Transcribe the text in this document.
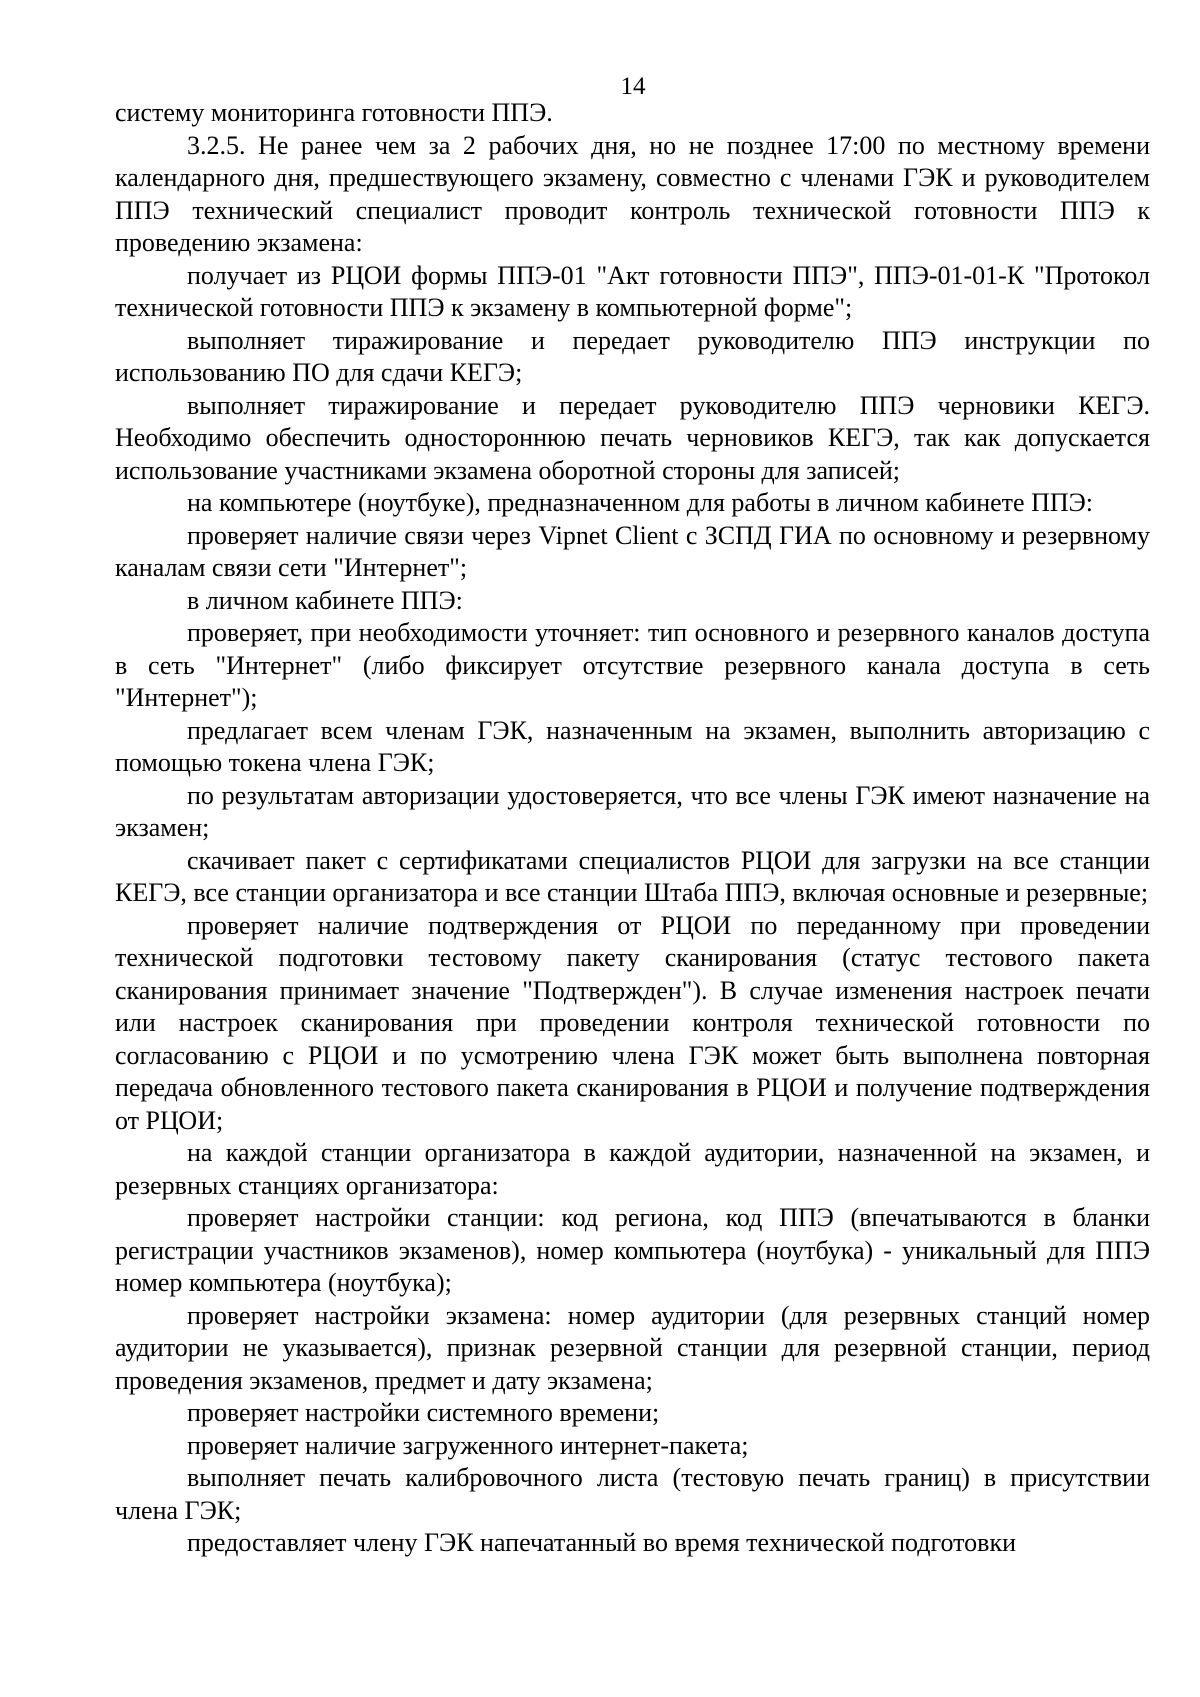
14

систему мониторинга готовности ППЭ.

3.2.5. Не ранее чем за 2 рабочих дня, но не позднее 17:00 по местному времени календарного дня, предшествующего экзамену, совместно с членами ГЭК и руководителем ППЭ технический специалист проводит контроль технической готовности ППЭ к проведению экзамена:

получает из РЦОИ формы ППЭ-01 "Акт готовности ППЭ", ППЭ-01-01-К "Протокол технической готовности ППЭ к экзамену в компьютерной форме";

выполняет тиражирование и передает руководителю ППЭ инструкции по использованию ПО для сдачи КЕГЭ;

выполняет тиражирование и передает руководителю ППЭ черновики КЕГЭ. Необходимо обеспечить одностороннюю печать черновиков КЕГЭ, так как допускается использование участниками экзамена оборотной стороны для записей;

на компьютере (ноутбуке), предназначенном для работы в личном кабинете ППЭ:

проверяет наличие связи через Vipnet Client с ЗСПД ГИА по основному и резервному каналам связи сети "Интернет";

в личном кабинете ППЭ:

проверяет, при необходимости уточняет: тип основного и резервного каналов доступа в сеть "Интернет" (либо фиксирует отсутствие резервного канала доступа в сеть "Интернет");

предлагает всем членам ГЭК, назначенным на экзамен, выполнить авторизацию с помощью токена члена ГЭК;

по результатам авторизации удостоверяется, что все члены ГЭК имеют назначение на экзамен;

скачивает пакет с сертификатами специалистов РЦОИ для загрузки на все станции КЕГЭ, все станции организатора и все станции Штаба ППЭ, включая основные и резервные;

проверяет наличие подтверждения от РЦОИ по переданному при проведении технической подготовки тестовому пакету сканирования (статус тестового пакета сканирования принимает значение "Подтвержден"). В случае изменения настроек печати или настроек сканирования при проведении контроля технической готовности по согласованию с РЦОИ и по усмотрению члена ГЭК может быть выполнена повторная передача обновленного тестового пакета сканирования в РЦОИ и получение подтверждения от РЦОИ;

на каждой станции организатора в каждой аудитории, назначенной на экзамен, и резервных станциях организатора:

проверяет настройки станции: код региона, код ППЭ (впечатываются в бланки регистрации участников экзаменов), номер компьютера (ноутбука) - уникальный для ППЭ номер компьютера (ноутбука);

проверяет настройки экзамена: номер аудитории (для резервных станций номер аудитории не указывается), признак резервной станции для резервной станции, период проведения экзаменов, предмет и дату экзамена;

проверяет настройки системного времени;

проверяет наличие загруженного интернет-пакета;

выполняет печать калибровочного листа (тестовую печать границ) в присутствии члена ГЭК;

предоставляет члену ГЭК напечатанный во время технической подготовки
